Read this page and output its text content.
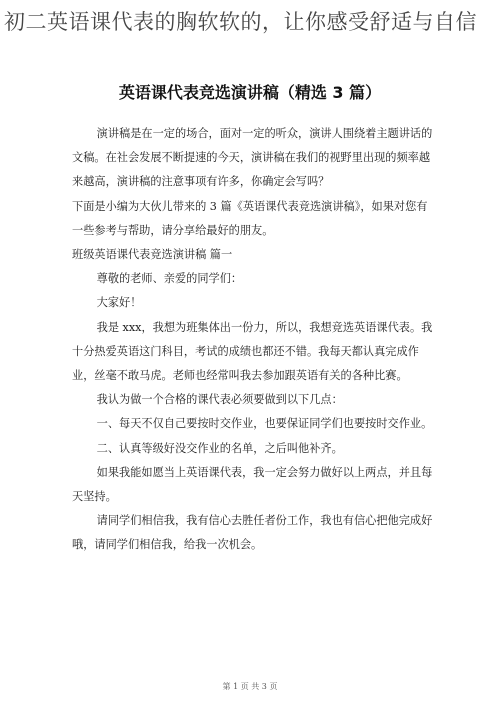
初二英语课代表的胸软软的，让你感受舒适与自信
英语课代表竞选演讲稿（精选 3 篇）

演讲稿是在一定的场合，面对一定的听众，演讲人围绕着主题讲话的文稿。在社会发展不断提速的今天，演讲稿在我们的视野里出现的频率越来越高，演讲稿的注意事项有许多，你确定会写吗？

下面是小编为大伙儿带来的 3 篇《英语课代表竞选演讲稿》，如果对您有一些参考与帮助，请分享给最好的朋友。

班级英语课代表竞选演讲稿 篇一

尊敬的老师、亲爱的同学们：

大家好！

我是 xxx，我想为班集体出一份力，所以，我想竞选英语课代表。我十分热爱英语这门科目，考试的成绩也都还不错。我每天都认真完成作业，丝毫不敢马虎。老师也经常叫我去参加跟英语有关的各种比赛。

我认为做一个合格的课代表必须要做到以下几点：

一、每天不仅自己要按时交作业，也要保证同学们也要按时交作业。

二、认真等级好没交作业的名单，之后叫他补齐。

如果我能如愿当上英语课代表，我一定会努力做好以上两点，并且每天坚持。

请同学们相信我，我有信心去胜任者份工作，我也有信心把他完成好哦，请同学们相信我，给我一次机会。

第 1 页 共 3 页
